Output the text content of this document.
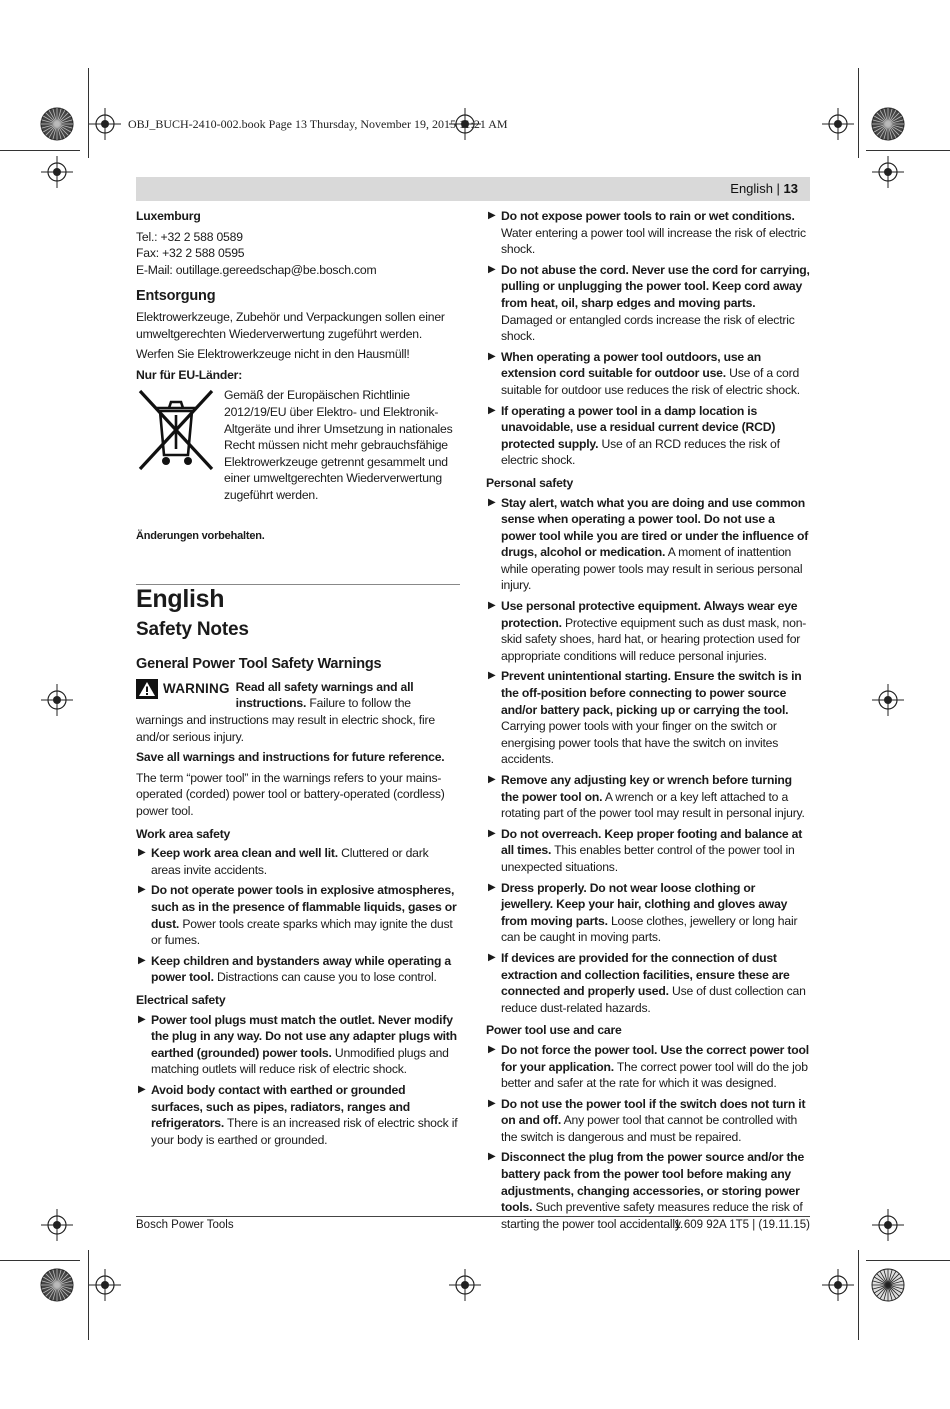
OBJ_BUCH-2410-002.book Page 13 Thursday, November 19, 2015 11:21 AM
English | 13

Luxemburg

Tel.: +32 2 588 0589

Fax: +32 2 588 0595

E-Mail: outillage.gereedschap@be.bosch.com

Entsorgung

Elektrowerkzeuge, Zubehör und Verpackungen sollen einer umweltgerechten Wiederverwertung zugeführt werden.

Werfen Sie Elektrowerkzeuge nicht in den Hausmüll!

Nur für EU-Länder:

Gemäß der Europäischen Richtlinie 2012/19/EU über Elektro- und Elektronik-Altgeräte und ihrer Umsetzung in nationales Recht müssen nicht mehr gebrauchsfähige Elektrowerkzeuge getrennt gesammelt und einer umweltgerechten Wiederverwertung zugeführt werden.

Änderungen vorbehalten.

English
Safety Notes
General Power Tool Safety Warnings
WARNING Read all safety warnings and all instructions. Failure to follow the warnings and instructions may result in electric shock, fire and/or serious injury.

Save all warnings and instructions for future reference.

The term “power tool” in the warnings refers to your mains-operated (corded) power tool or battery-operated (cordless) power tool.

Work area safety
▶ Keep work area clean and well lit. Cluttered or dark areas invite accidents.
▶ Do not operate power tools in explosive atmospheres, such as in the presence of flammable liquids, gases or dust. Power tools create sparks which may ignite the dust or fumes.
▶ Keep children and bystanders away while operating a power tool. Distractions can cause you to lose control.
Electrical safety
▶ Power tool plugs must match the outlet. Never modify the plug in any way. Do not use any adapter plugs with earthed (grounded) power tools. Unmodified plugs and matching outlets will reduce risk of electric shock.
▶ Avoid body contact with earthed or grounded surfaces, such as pipes, radiators, ranges and refrigerators. There is an increased risk of electric shock if your body is earthed or grounded.
▶ Do not expose power tools to rain or wet conditions. Water entering a power tool will increase the risk of electric shock.
▶ Do not abuse the cord. Never use the cord for carrying, pulling or unplugging the power tool. Keep cord away from heat, oil, sharp edges and moving parts. Damaged or entangled cords increase the risk of electric shock.
▶ When operating a power tool outdoors, use an extension cord suitable for outdoor use. Use of a cord suitable for outdoor use reduces the risk of electric shock.
▶ If operating a power tool in a damp location is unavoidable, use a residual current device (RCD) protected supply. Use of an RCD reduces the risk of electric shock.
Personal safety
▶ Stay alert, watch what you are doing and use common sense when operating a power tool. Do not use a power tool while you are tired or under the influence of drugs, alcohol or medication. A moment of inattention while operating power tools may result in serious personal injury.
▶ Use personal protective equipment. Always wear eye protection. Protective equipment such as dust mask, non-skid safety shoes, hard hat, or hearing protection used for appropriate conditions will reduce personal injuries.
▶ Prevent unintentional starting. Ensure the switch is in the off-position before connecting to power source and/or battery pack, picking up or carrying the tool. Carrying power tools with your finger on the switch or energising power tools that have the switch on invites accidents.
▶ Remove any adjusting key or wrench before turning the power tool on. A wrench or a key left attached to a rotating part of the power tool may result in personal injury.
▶ Do not overreach. Keep proper footing and balance at all times. This enables better control of the power tool in unexpected situations.
▶ Dress properly. Do not wear loose clothing or jewellery. Keep your hair, clothing and gloves away from moving parts. Loose clothes, jewellery or long hair can be caught in moving parts.
▶ If devices are provided for the connection of dust extraction and collection facilities, ensure these are connected and properly used. Use of dust collection can reduce dust-related hazards.
Power tool use and care
▶ Do not force the power tool. Use the correct power tool for your application. The correct power tool will do the job better and safer at the rate for which it was designed.
▶ Do not use the power tool if the switch does not turn it on and off. Any power tool that cannot be controlled with the switch is dangerous and must be repaired.
▶ Disconnect the plug from the power source and/or the battery pack from the power tool before making any adjustments, changing accessories, or storing power tools. Such preventive safety measures reduce the risk of starting the power tool accidentally.
Bosch Power Tools	1 609 92A 1T5 | (19.11.15)
